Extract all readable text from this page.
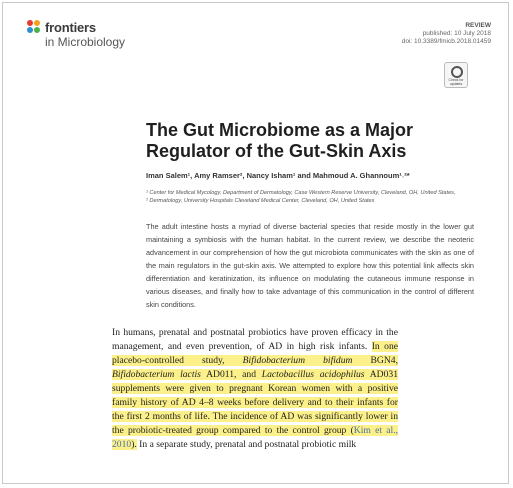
frontiers
in Microbiology
REVIEW
published: 10 July 2018
doi: 10.3389/fmicb.2018.01459
Check for
updates
The Gut Microbiome as a Major Regulator of the Gut-Skin Axis
Iman Salem¹, Amy Ramser², Nancy Isham¹ and Mahmoud A. Ghannoum¹˒²*
¹ Center for Medical Mycology, Department of Dermatology, Case Western Reserve University, Cleveland, OH, United States,
² Dermatology, University Hospitals Cleveland Medical Center, Cleveland, OH, United States
The adult intestine hosts a myriad of diverse bacterial species that reside mostly in the lower gut maintaining a symbiosis with the human habitat. In the current review, we describe the neoteric advancement in our comprehension of how the gut microbiota communicates with the skin as one of the main regulators in the gut-skin axis. We attempted to explore how this potential link affects skin differentiation and keratinization, its influence on modulating the cutaneous immune response in various diseases, and finally how to take advantage of this communication in the control of different skin conditions.
In humans, prenatal and postnatal probiotics have proven efficacy in the management, and even prevention, of AD in high risk infants. In one placebo-controlled study, Bifidobacterium bifidum BGN4, Bifidobacterium lactis AD011, and Lactobacillus acidophilus AD031 supplements were given to pregnant Korean women with a positive family history of AD 4–8 weeks before delivery and to their infants for the first 2 months of life. The incidence of AD was significantly lower in the probiotic-treated group compared to the control group (Kim et al., 2010). In a separate study, prenatal and postnatal probiotic milk
